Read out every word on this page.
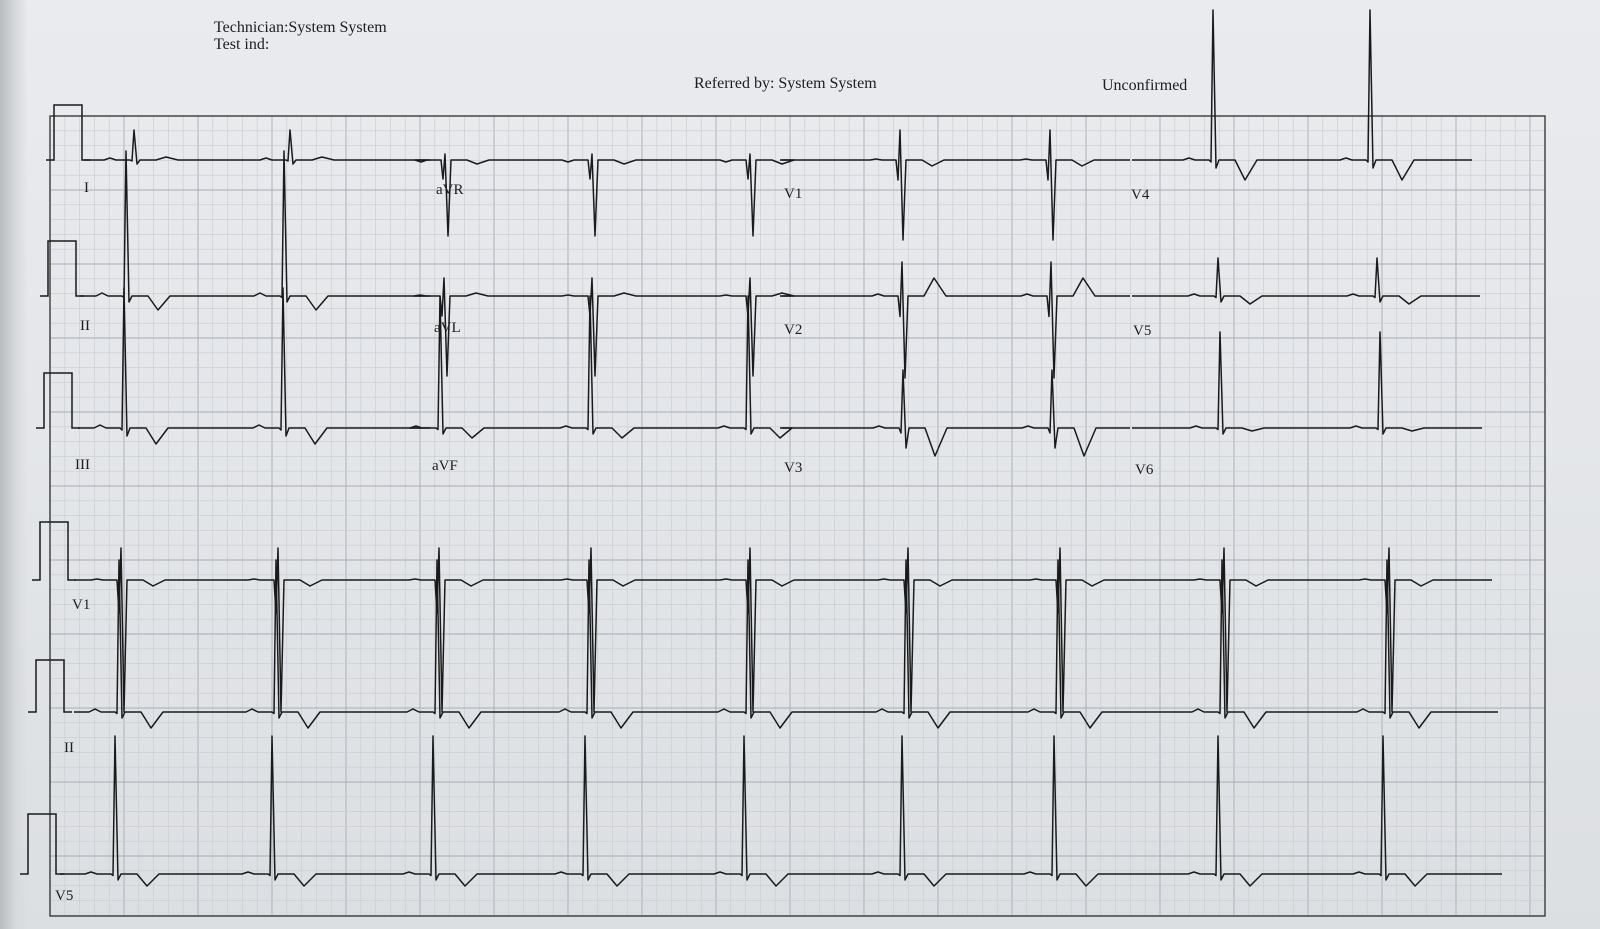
Technician:System System
Test ind:
Referred by: System System	Unconfirmed
I	aVR	V1	V4
II	aVL	V2	V5
III	aVF	V3	V6
V1
II
V5
